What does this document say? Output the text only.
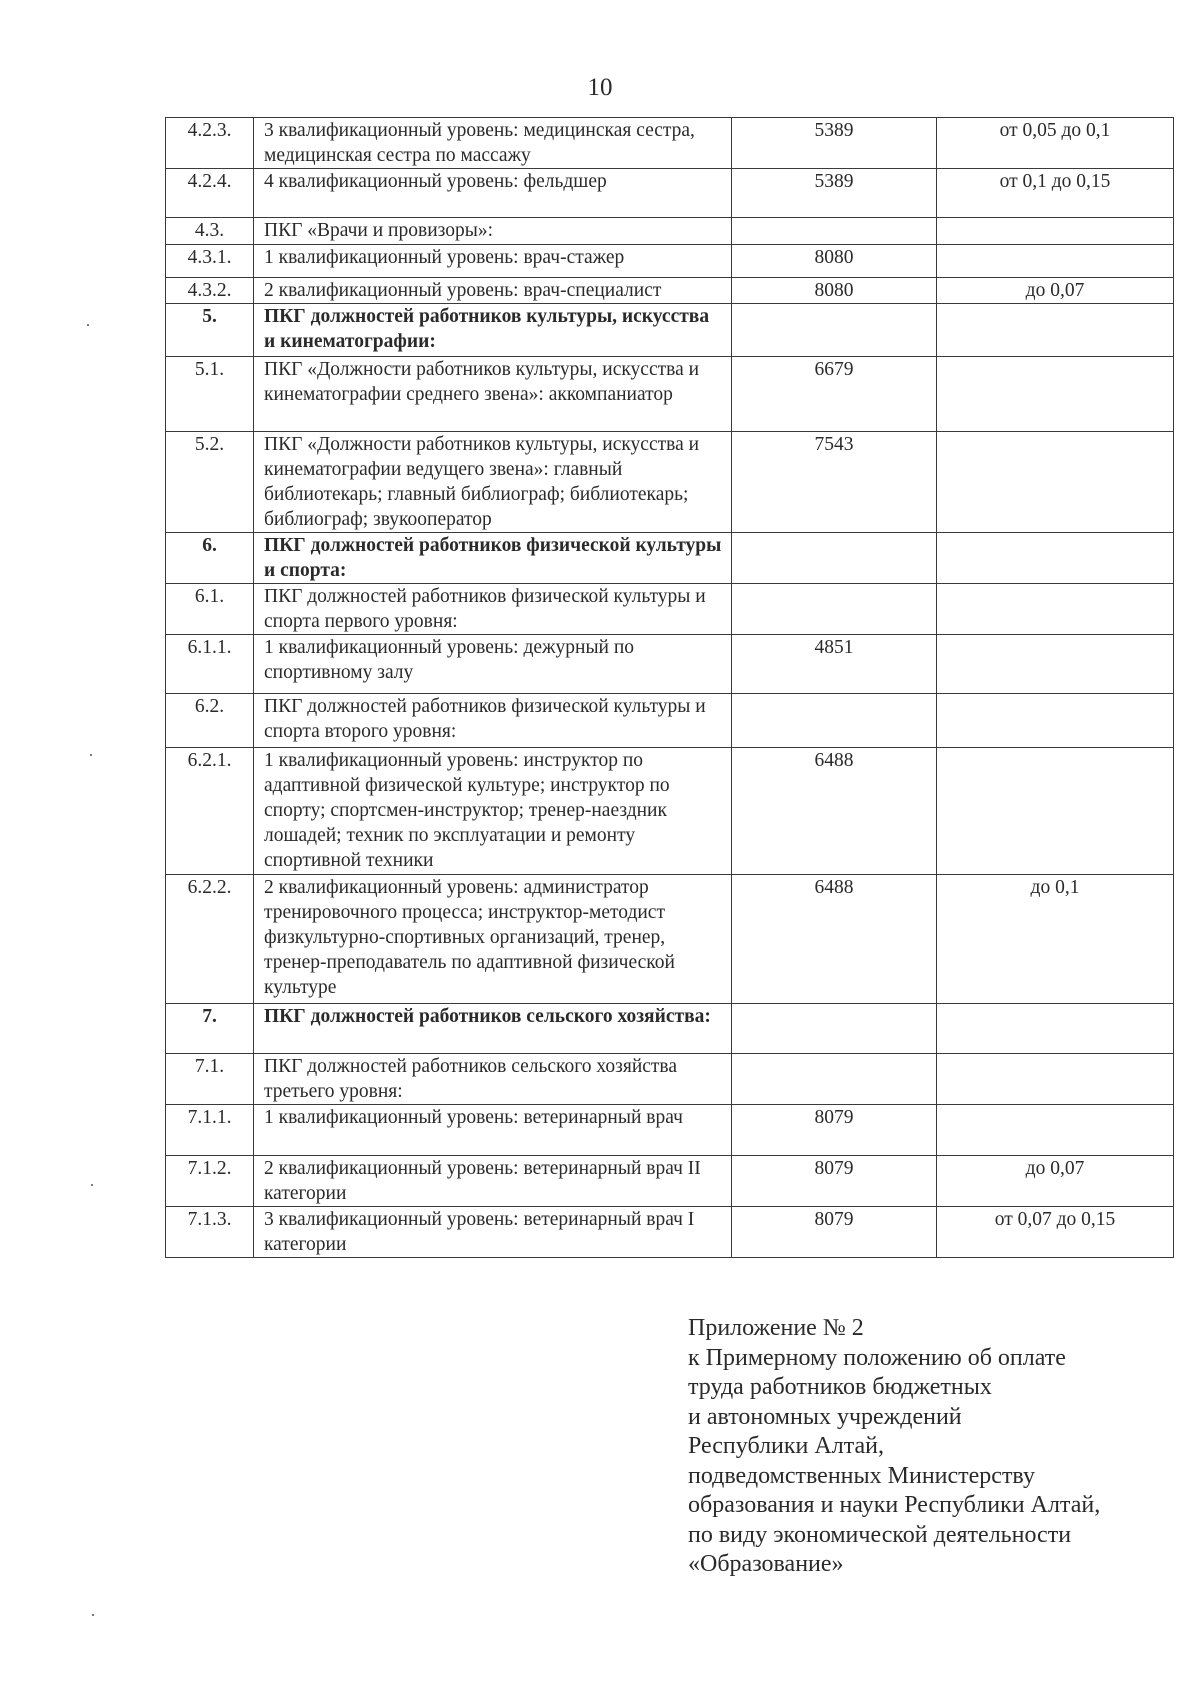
10
4.2.3.	3 квалификационный уровень: медицинская сестра, медицинская сестра по массажу	5389	от 0,05 до 0,1

4.2.4.	4 квалификационный уровень: фельдшер	5389	от 0,1 до 0,15

4.3.	ПКГ «Врачи и провизоры»:		

4.3.1.	1 квалификационный уровень: врач-стажер	8080	

4.3.2.	2 квалификационный уровень: врач-специалист	8080	до 0,07

5.	ПКГ должностей работников культуры, искусства и кинематографии:		

5.1.	ПКГ «Должности работников культуры, искусства и кинематографии среднего звена»: аккомпаниатор	6679	

5.2.	ПКГ «Должности работников культуры, искусства и кинематографии ведущего звена»: главный библиотекарь; главный библиограф; библиотекарь; библиограф; звукооператор	7543	

6.	ПКГ должностей работников физической культуры и спорта:		

6.1.	ПКГ должностей работников физической культуры и спорта первого уровня:		

6.1.1.	1 квалификационный уровень: дежурный по спортивному залу	4851	

6.2.	ПКГ должностей работников физической культуры и спорта второго уровня:		

6.2.1.	1 квалификационный уровень: инструктор по адаптивной физической культуре; инструктор по спорту; спортсмен-инструктор; тренер-наездник лошадей; техник по эксплуатации и ремонту спортивной техники	6488	

6.2.2.	2 квалификационный уровень: администратор тренировочного процесса; инструктор-методист физкультурно-спортивных организаций, тренер, тренер-преподаватель по адаптивной физической культуре	6488	до 0,1

7.	ПКГ должностей работников сельского хозяйства:		

7.1.	ПКГ должностей работников сельского хозяйства третьего уровня:		

7.1.1.	1 квалификационный уровень: ветеринарный врач	8079	

7.1.2.	2 квалификационный уровень: ветеринарный врач II категории	8079	до 0,07

7.1.3.	3 квалификационный уровень: ветеринарный врач I категории	8079	от 0,07 до 0,15
Приложение № 2
к Примерному положению об оплате
труда работников бюджетных
и автономных учреждений
Республики Алтай,
подведомственных Министерству
образования и науки Республики Алтай,
по виду экономической деятельности
«Образование»
